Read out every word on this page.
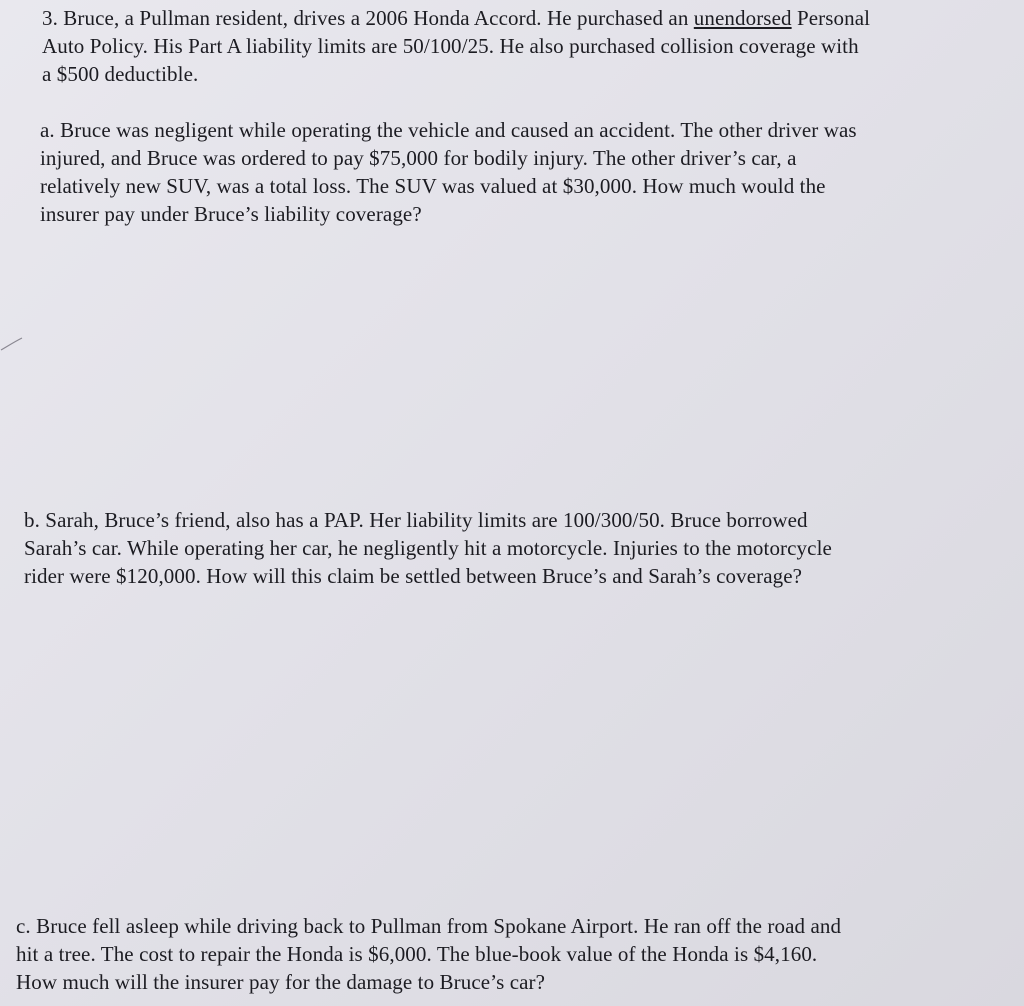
3. Bruce, a Pullman resident, drives a 2006 Honda Accord. He purchased an unendorsed Personal
Auto Policy. His Part A liability limits are 50/100/25. He also purchased collision coverage with
a $500 deductible.
a. Bruce was negligent while operating the vehicle and caused an accident. The other driver was
injured, and Bruce was ordered to pay $75,000 for bodily injury. The other driver’s car, a
relatively new SUV, was a total loss. The SUV was valued at $30,000. How much would the
insurer pay under Bruce’s liability coverage?
b. Sarah, Bruce’s friend, also has a PAP. Her liability limits are 100/300/50. Bruce borrowed
Sarah’s car. While operating her car, he negligently hit a motorcycle. Injuries to the motorcycle
rider were $120,000. How will this claim be settled between Bruce’s and Sarah’s coverage?
c. Bruce fell asleep while driving back to Pullman from Spokane Airport. He ran off the road and
hit a tree. The cost to repair the Honda is $6,000. The blue-book value of the Honda is $4,160.
How much will the insurer pay for the damage to Bruce’s car?
